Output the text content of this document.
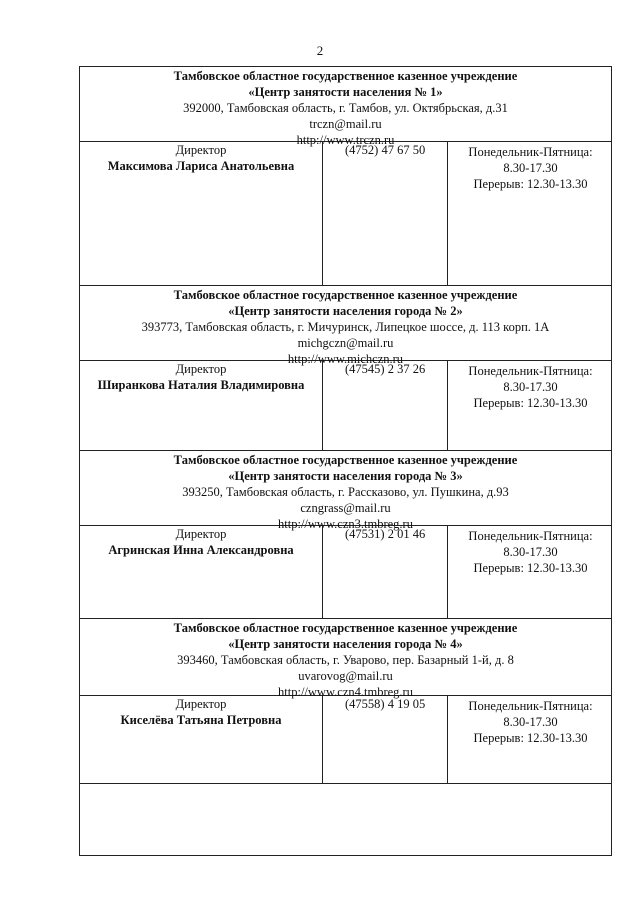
2
Тамбовское областное государственное казенное учреждение
«Центр занятости населения № 1»
392000, Тамбовская область, г. Тамбов, ул. Октябрьская, д.31
trczn@mail.ru
http://www.trczn.ru
Директор
Максимова Лариса Анатольевна
(4752) 47 67 50	Понедельник-Пятница:
8.30-17.30
Перерыв: 12.30-13.30
Тамбовское областное государственное казенное учреждение
«Центр занятости населения города № 2»
393773, Тамбовская область, г. Мичуринск, Липецкое шоссе, д. 113 корп. 1А
michgczn@mail.ru
http://www.michczn.ru
Директор
Ширанкова Наталия Владимировна
(47545) 2 37 26	Понедельник-Пятница:
8.30-17.30
Перерыв: 12.30-13.30
Тамбовское областное государственное казенное учреждение
«Центр занятости населения города № 3»
393250, Тамбовская область, г. Рассказово, ул. Пушкина, д.93
czngrass@mail.ru
http://www.czn3.tmbreg.ru
Директор
Агринская Инна Александровна
(47531) 2 01 46	Понедельник-Пятница:
8.30-17.30
Перерыв: 12.30-13.30
Тамбовское областное государственное казенное учреждение
«Центр занятости населения города № 4»
393460, Тамбовская область, г. Уварово, пер. Базарный 1-й, д. 8
uvarovog@mail.ru
http://www.czn4.tmbreg.ru
Директор
Киселёва Татьяна Петровна
(47558) 4 19 05	Понедельник-Пятница:
8.30-17.30
Перерыв: 12.30-13.30
